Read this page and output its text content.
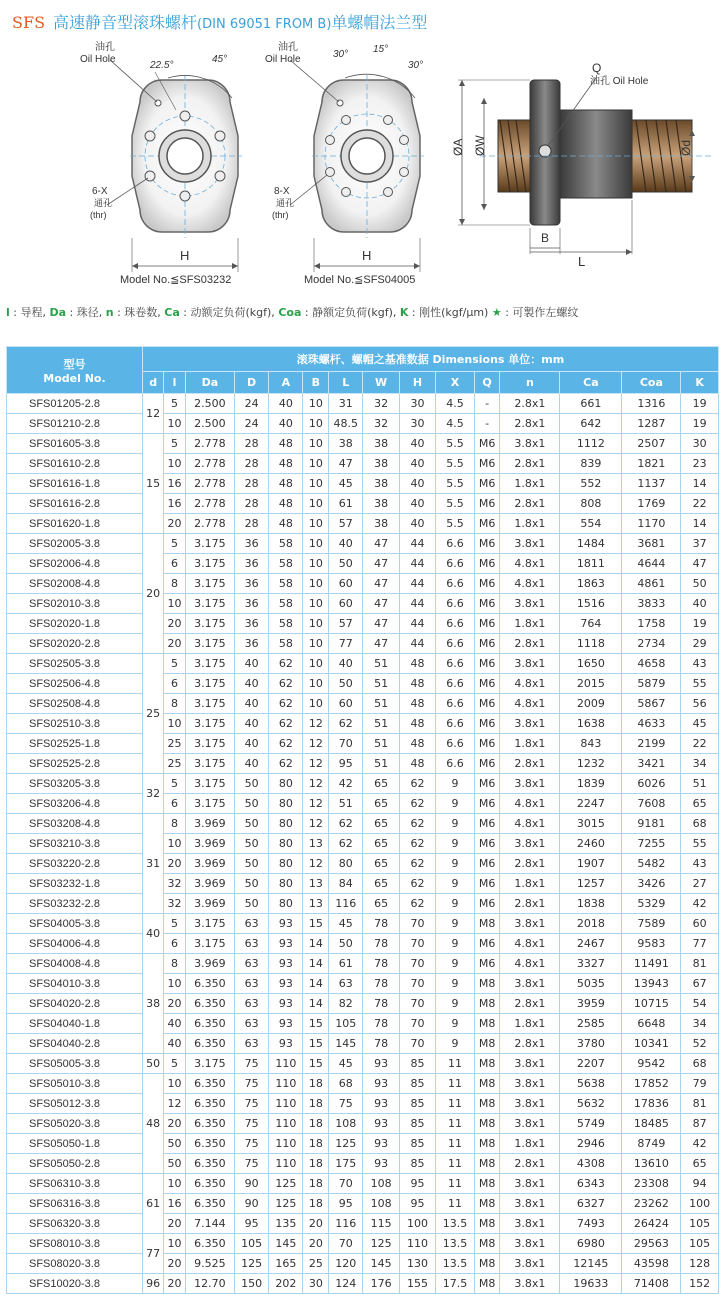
SFS 高速静音型滚珠螺杆(DIN 69051 FROM B)单螺帽法兰型
油孔
Oil Hole
22.5°
45°
6-X
通孔
(thr)
H
Model No.≦SFS03232
油孔
Oil Hole	30° 15°
30°
8-X
通孔
(thr)
H
Model No.≦SFS04005
Q
油孔 Oil Hole
ØA ØW	Ød
B
L
l : 导程, Da : 珠径, n : 珠卷数, Ca : 动额定负荷(kgf), Coa : 静额定负荷(kgf), K : 刚性(kgf/μm) ★ : 可製作左螺纹
型号
Model No.	滚珠螺杆、螺帽之基准数据 Dimensions 单位：mm														
	d	l	Da	D	A	B	L	W	H	X	Q	n	Ca	Coa	K
SFS01205-2.8	12	5	2.500	24	40	10	31	32	30	4.5	-	2.8x1	661	1316	19
SFS01210-2.8		10	2.500	24	40	10	48.5	32	30	4.5	-	2.8x1	642	1287	19
SFS01605-3.8	15	5	2.778	28	48	10	38	38	40	5.5	M6	3.8x1	1112	2507	30
SFS01610-2.8		10	2.778	28	48	10	47	38	40	5.5	M6	2.8x1	839	1821	23
SFS01616-1.8		16	2.778	28	48	10	45	38	40	5.5	M6	1.8x1	552	1137	14
SFS01616-2.8		16	2.778	28	48	10	61	38	40	5.5	M6	2.8x1	808	1769	22
SFS01620-1.8		20	2.778	28	48	10	57	38	40	5.5	M6	1.8x1	554	1170	14
SFS02005-3.8	20	5	3.175	36	58	10	40	47	44	6.6	M6	3.8x1	1484	3681	37
SFS02006-4.8		6	3.175	36	58	10	50	47	44	6.6	M6	4.8x1	1811	4644	47
SFS02008-4.8		8	3.175	36	58	10	60	47	44	6.6	M6	4.8x1	1863	4861	50
SFS02010-3.8		10	3.175	36	58	10	60	47	44	6.6	M6	3.8x1	1516	3833	40
SFS02020-1.8		20	3.175	36	58	10	57	47	44	6.6	M6	1.8x1	764	1758	19
SFS02020-2.8		20	3.175	36	58	10	77	47	44	6.6	M6	2.8x1	1118	2734	29
SFS02505-3.8	25	5	3.175	40	62	10	40	51	48	6.6	M6	3.8x1	1650	4658	43
SFS02506-4.8		6	3.175	40	62	10	50	51	48	6.6	M6	4.8x1	2015	5879	55
SFS02508-4.8		8	3.175	40	62	10	60	51	48	6.6	M6	4.8x1	2009	5867	56
SFS02510-3.8		10	3.175	40	62	12	62	51	48	6.6	M6	3.8x1	1638	4633	45
SFS02525-1.8		25	3.175	40	62	12	70	51	48	6.6	M6	1.8x1	843	2199	22
SFS02525-2.8		25	3.175	40	62	12	95	51	48	6.6	M6	2.8x1	1232	3421	34
SFS03205-3.8	32	5	3.175	50	80	12	42	65	62	9	M6	3.8x1	1839	6026	51
SFS03206-4.8		6	3.175	50	80	12	51	65	62	9	M6	4.8x1	2247	7608	65
SFS03208-4.8	31	8	3.969	50	80	12	62	65	62	9	M6	4.8x1	3015	9181	68
SFS03210-3.8		10	3.969	50	80	13	62	65	62	9	M6	3.8x1	2460	7255	55
SFS03220-2.8		20	3.969	50	80	12	80	65	62	9	M6	2.8x1	1907	5482	43
SFS03232-1.8		32	3.969	50	80	13	84	65	62	9	M6	1.8x1	1257	3426	27
SFS03232-2.8		32	3.969	50	80	13	116	65	62	9	M6	2.8x1	1838	5329	42
SFS04005-3.8	40	5	3.175	63	93	15	45	78	70	9	M8	3.8x1	2018	7589	60
SFS04006-4.8		6	3.175	63	93	14	50	78	70	9	M6	4.8x1	2467	9583	77
SFS04008-4.8	38	8	3.969	63	93	14	61	78	70	9	M6	4.8x1	3327	11491	81
SFS04010-3.8		10	6.350	63	93	14	63	78	70	9	M8	3.8x1	5035	13943	67
SFS04020-2.8		20	6.350	63	93	14	82	78	70	9	M8	2.8x1	3959	10715	54
SFS04040-1.8		40	6.350	63	93	15	105	78	70	9	M8	1.8x1	2585	6648	34
SFS04040-2.8		40	6.350	63	93	15	145	78	70	9	M8	2.8x1	3780	10341	52
SFS05005-3.8	50	5	3.175	75	110	15	45	93	85	11	M8	3.8x1	2207	9542	68
SFS05010-3.8	48	10	6.350	75	110	18	68	93	85	11	M8	3.8x1	5638	17852	79
SFS05012-3.8		12	6.350	75	110	18	75	93	85	11	M8	3.8x1	5632	17836	81
SFS05020-3.8		20	6.350	75	110	18	108	93	85	11	M8	3.8x1	5749	18485	87
SFS05050-1.8		50	6.350	75	110	18	125	93	85	11	M8	1.8x1	2946	8749	42
SFS05050-2.8		50	6.350	75	110	18	175	93	85	11	M8	2.8x1	4308	13610	65
SFS06310-3.8	61	10	6.350	90	125	18	70	108	95	11	M8	3.8x1	6343	23308	94
SFS06316-3.8		16	6.350	90	125	18	95	108	95	11	M8	3.8x1	6327	23262	100
SFS06320-3.8		20	7.144	95	135	20	116	115	100	13.5	M8	3.8x1	7493	26424	105
SFS08010-3.8	77	10	6.350	105	145	20	70	125	110	13.5	M8	3.8x1	6980	29563	105
SFS08020-3.8		20	9.525	125	165	25	120	145	130	13.5	M8	3.8x1	12145	43598	128
SFS10020-3.8	96	20	12.70	150	202	30	124	176	155	17.5	M8	3.8x1	19633	71408	152
